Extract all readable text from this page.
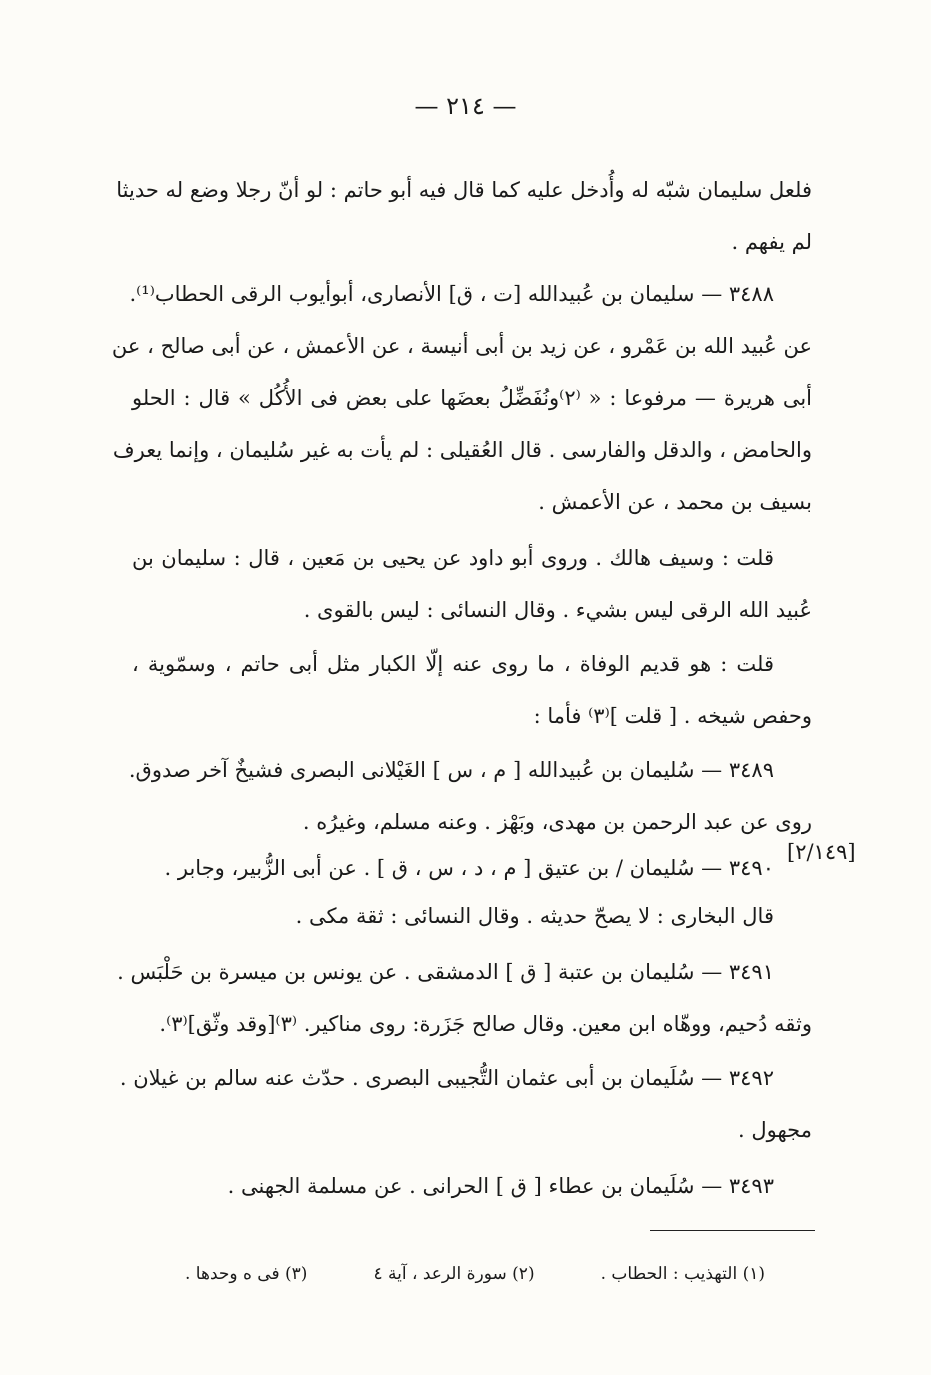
— ٢١٤ —
فلعل سليمان شبّه له وأُدخل عليه كما قال فيه أبو حاتم : لو أنّ رجلا وضع له حديثا
لم يفهم .
٣٤٨٨ — سليمان بن عُبيدالله [ت ، ق] الأنصارى، أبوأيوب الرقى الحطاب⁽¹⁾.
عن عُبيد الله بن عَمْرو ، عن زيد بن أبى أنيسة ، عن الأعمش ، عن أبى صالح ، عن
أبى هريرة — مرفوعا : « ⁽٢⁾ونُفَضِّلُ بعضَها على بعض فى الأُكُل » قال : الحلو
والحامض ، والدقل والفارسى . قال العُقيلى : لم يأت به غير سُليمان ، وإنما يعرف
بسيف بن محمد ، عن الأعمش .
قلت : وسيف هالك . وروى أبو داود عن يحيى بن مَعين ، قال : سليمان بن
عُبيد الله الرقى ليس بشيء . وقال النسائى : ليس بالقوى .
قلت : هو قديم الوفاة ، ما روى عنه إلّا الكبار مثل أبى حاتم ، وسمّوية ،
وحفص شيخه . [ قلت ]⁽٣⁾ فأما :
٣٤٨٩ — سُليمان بن عُبيدالله [ م ، س ] الغَيْلانى البصرى فشيخٌ آخر صدوق.
روى عن عبد الرحمن بن مهدى، وبَهْز . وعنه مسلم، وغيرُه .
٣٤٩٠ — سُليمان / بن عتيق [ م ، د ، س ، ق ] . عن أبى الزُّبير، وجابر .
[٢/١٤٩]
قال البخارى : لا يصحّ حديثه . وقال النسائى : ثقة مكى .
٣٤٩١ — سُليمان بن عتبة [ ق ] الدمشقى . عن يونس بن ميسرة بن حَلْبَس .
وثقه دُحيم، ووهّاه ابن معين. وقال صالح جَزَرة: روى مناكير. ⁽٣⁾[وقد وثّق]⁽٣⁾.
٣٤٩٢ — سُلَيمان بن أبى عثمان التُّجيبى البصرى . حدّث عنه سالم بن غيلان .
مجهول .
٣٤٩٣ — سُلَيمان بن عطاء [ ق ] الحرانى . عن مسلمة الجهنى .
(١) التهذيب : الحطاب .
(٢) سورة الرعد ، آية ٤
(٣) فى ه وحدها .
